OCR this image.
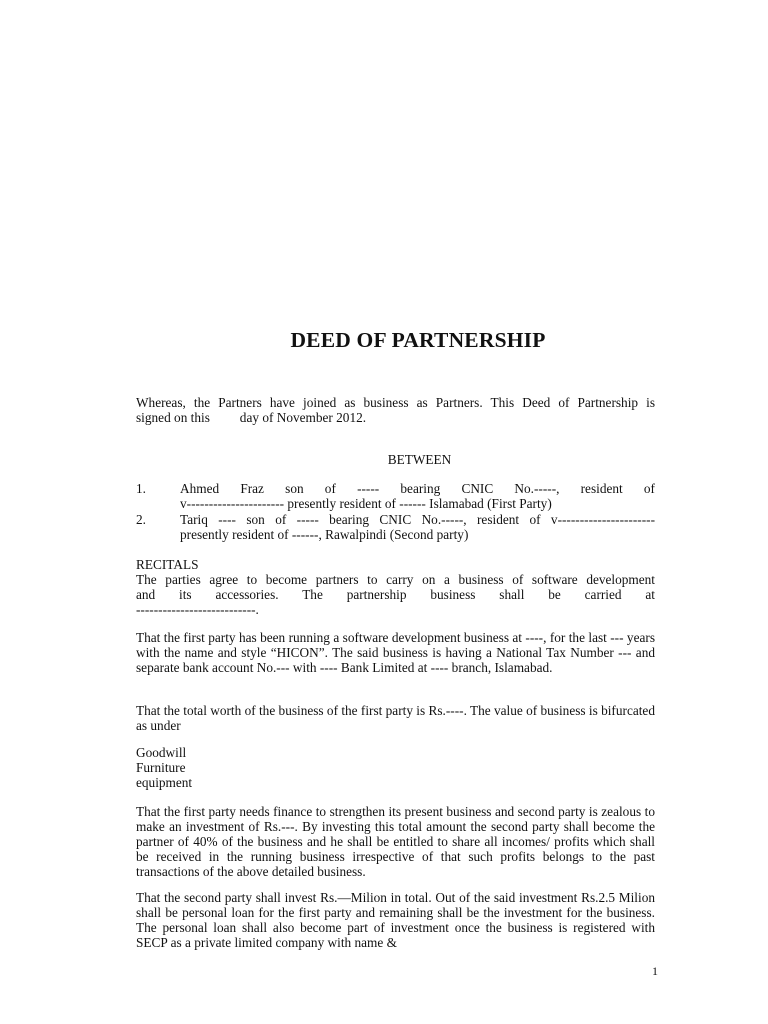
DEED OF PARTNERSHIP
Whereas, the Partners have joined as business as Partners. This Deed of Partnership is
signed on this         day of November 2012.
BETWEEN
1.	Ahmed Fraz son of ----- bearing CNIC No.-----, resident of
v---------------------- presently resident of ------ Islamabad (First Party)
2.	Tariq ---- son of ----- bearing CNIC No.-----, resident of v----------------------
presently resident of ------, Rawalpindi (Second party)
RECITALS
The parties agree to become partners to carry on a business of software development
and its accessories. The partnership business shall be carried at
---------------------------.
That the first party has been running a software development business at ----, for the last --- years with the name and style “HICON”. The said business is having a National Tax Number --- and separate bank account No.--- with ---- Bank Limited at ---- branch, Islamabad.
That the total worth of the business of the first party is Rs.----. The value of business is bifurcated as under
Goodwill
Furniture
equipment
That the first party needs finance to strengthen its present business and second party is zealous to make an investment of Rs.---. By investing this total amount the second party shall become the partner of 40% of the business and he shall be entitled to share all incomes/ profits which shall be received in the running business irrespective of that such profits belongs to the past transactions of the above detailed business.
That the second party shall invest Rs.—Milion in total. Out of the said investment Rs.2.5 Milion shall be personal loan for the first party and remaining shall be the investment for the business. The personal loan shall also become part of investment once the business is registered with SECP as a private limited company with name &
1
